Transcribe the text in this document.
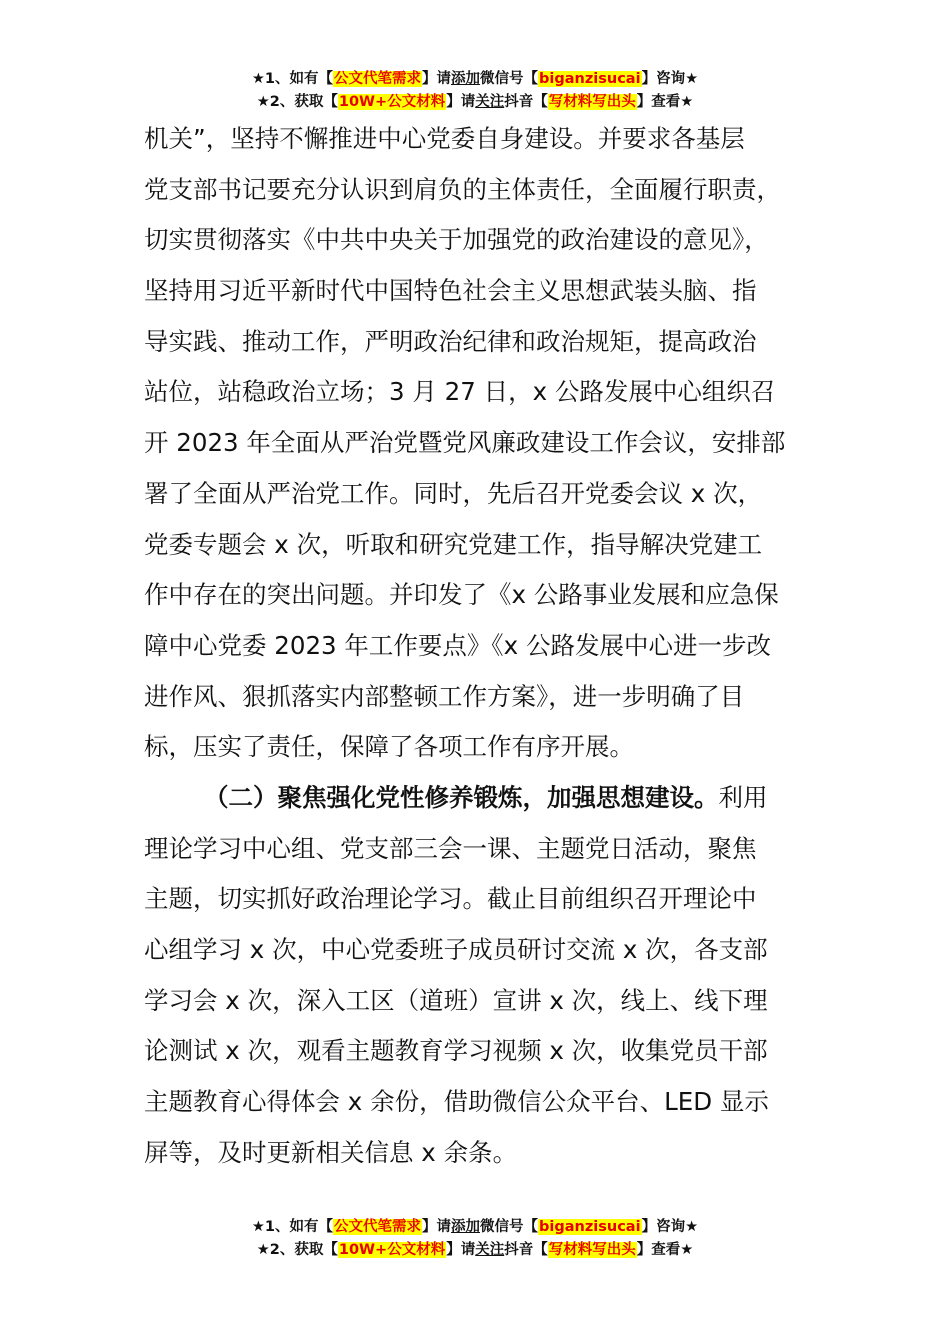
★1、如有【公文代笔需求】请添加微信号【biganzisucai】咨询★
★2、获取【10W+公文材料】请关注抖音【写材料写出头】查看★
机关”，坚持不懈推进中心党委自身建设。并要求各基层
党支部书记要充分认识到肩负的主体责任，全面履行职责，
切实贯彻落实《中共中央关于加强党的政治建设的意见》，
坚持用习近平新时代中国特色社会主义思想武装头脑、指
导实践、推动工作，严明政治纪律和政治规矩，提高政治
站位，站稳政治立场；3 月 27 日，x 公路发展中心组织召
开 2023 年全面从严治党暨党风廉政建设工作会议，安排部
署了全面从严治党工作。同时，先后召开党委会议 x 次，
党委专题会 x 次，听取和研究党建工作，指导解决党建工
作中存在的突出问题。并印发了《x 公路事业发展和应急保
障中心党委 2023 年工作要点》《x 公路发展中心进一步改
进作风、狠抓落实内部整顿工作方案》，进一步明确了目
标，压实了责任，保障了各项工作有序开展。
（二）聚焦强化党性修养锻炼，加强思想建设。利用
理论学习中心组、党支部三会一课、主题党日活动，聚焦
主题，切实抓好政治理论学习。截止目前组织召开理论中
心组学习 x 次，中心党委班子成员研讨交流 x 次，各支部
学习会 x 次，深入工区（道班）宣讲 x 次，线上、线下理
论测试 x 次，观看主题教育学习视频 x 次，收集党员干部
主题教育心得体会 x 余份，借助微信公众平台、LED 显示
屏等，及时更新相关信息 x 余条。
★1、如有【公文代笔需求】请添加微信号【biganzisucai】咨询★
★2、获取【10W+公文材料】请关注抖音【写材料写出头】查看★
